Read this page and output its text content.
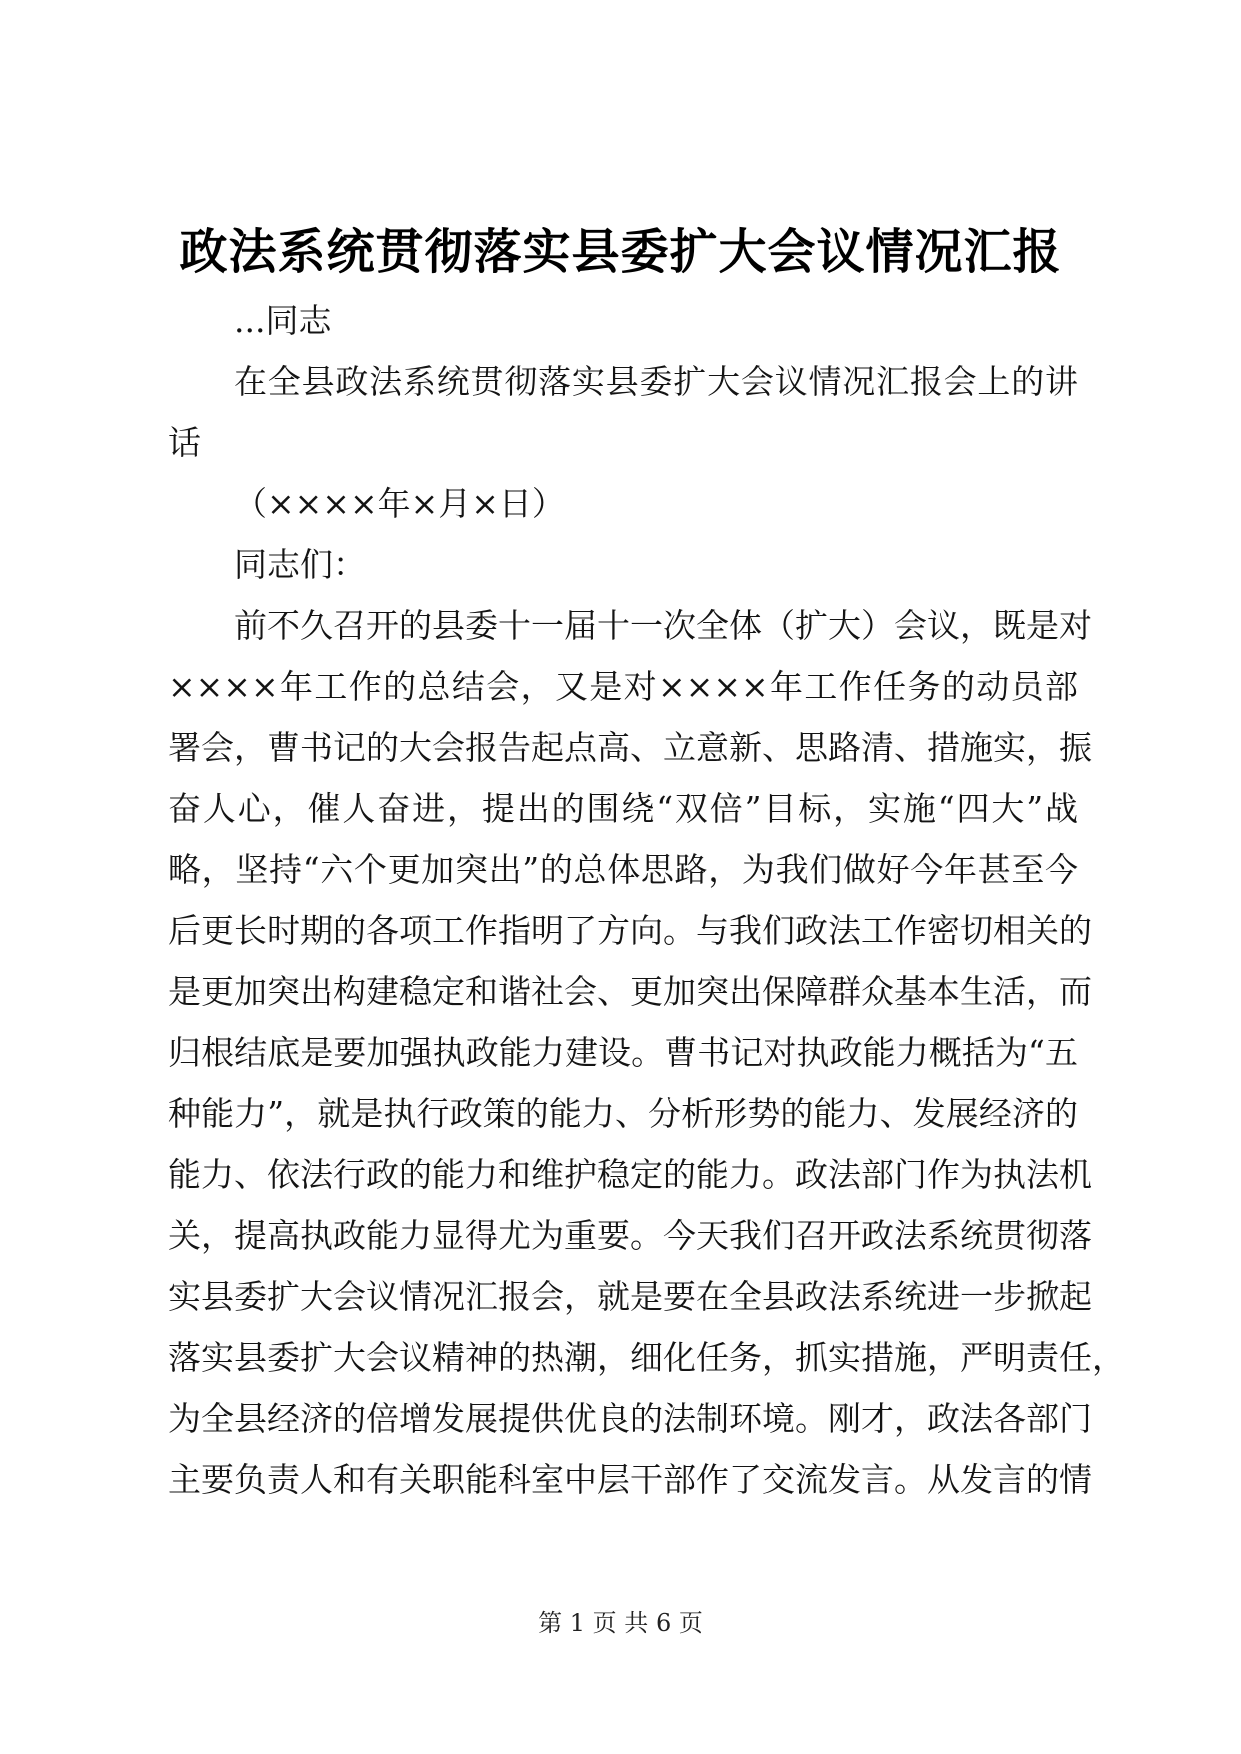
政法系统贯彻落实县委扩大会议情况汇报
...同志
在全县政法系统贯彻落实县委扩大会议情况汇报会上的讲
话
（××××年×月×日）
同志们：
前不久召开的县委十一届十一次全体（扩大）会议，既是对
××××年工作的总结会，又是对××××年工作任务的动员部
署会，曹书记的大会报告起点高、立意新、思路清、措施实，振
奋人心，催人奋进，提出的围绕“双倍”目标，实施“四大”战
略，坚持“六个更加突出”的总体思路，为我们做好今年甚至今
后更长时期的各项工作指明了方向。与我们政法工作密切相关的
是更加突出构建稳定和谐社会、更加突出保障群众基本生活，而
归根结底是要加强执政能力建设。曹书记对执政能力概括为“五
种能力”，就是执行政策的能力、分析形势的能力、发展经济的
能力、依法行政的能力和维护稳定的能力。政法部门作为执法机
关，提高执政能力显得尤为重要。今天我们召开政法系统贯彻落
实县委扩大会议情况汇报会，就是要在全县政法系统进一步掀起
落实县委扩大会议精神的热潮，细化任务，抓实措施，严明责任，
为全县经济的倍增发展提供优良的法制环境。刚才，政法各部门
主要负责人和有关职能科室中层干部作了交流发言。从发言的情
第 1 页 共 6 页
